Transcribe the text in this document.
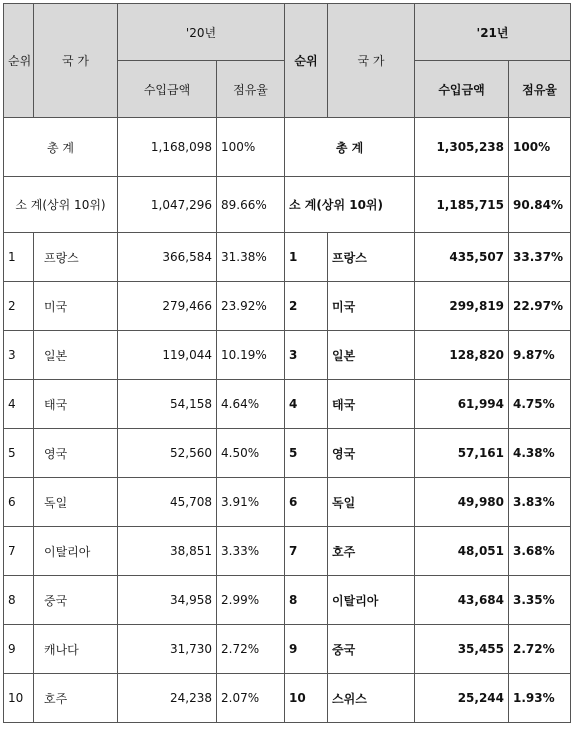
순위	국 가	'20년		순위	국 가	'21년	
		수입금액	점유율			수입금액	점유율
총 계		1,168,098	100%	총 계		1,305,238	100%
소 계(상위 10위)		1,047,296	89.66%	소 계(상위 10위)		1,185,715	90.84%
1	프랑스	366,584	31.38%	1	프랑스	435,507	33.37%
2	미국	279,466	23.92%	2	미국	299,819	22.97%
3	일본	119,044	10.19%	3	일본	128,820	9.87%
4	태국	54,158	4.64%	4	태국	61,994	4.75%
5	영국	52,560	4.50%	5	영국	57,161	4.38%
6	독일	45,708	3.91%	6	독일	49,980	3.83%
7	이탈리아	38,851	3.33%	7	호주	48,051	3.68%
8	중국	34,958	2.99%	8	이탈리아	43,684	3.35%
9	캐나다	31,730	2.72%	9	중국	35,455	2.72%
10	호주	24,238	2.07%	10	스위스	25,244	1.93%
